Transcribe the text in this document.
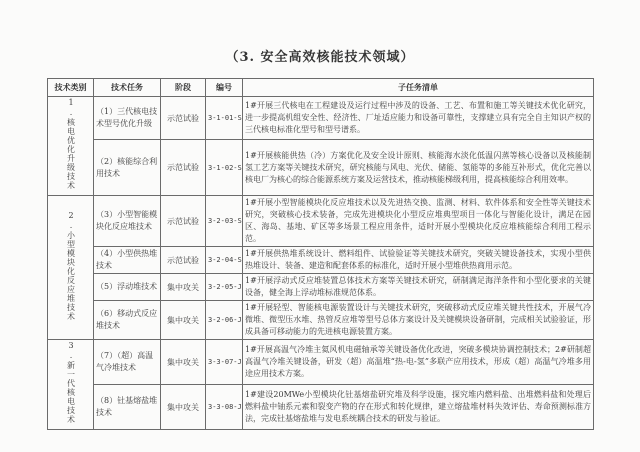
（3. 安全高效核能技术领域）
技术类别	技术任务	阶段	编号	子任务清单
1.核电优化升级技术	（1）三代核电技术型号优化升级	示范试验	3-1-01-S	1#开展三代核电在工程建设及运行过程中涉及的设备、工艺、布置和施工等关键技术优化研究，进一步提高机组安全性、经济性、厂址适应能力和设备可靠性，支撑建立具有完全自主知识产权的三代核电标准化型号和型号谱系。
	（2）核能综合利用技术	示范试验	3-1-02-S	1#开展核能供热（冷）方案优化及安全设计原则、核能海水淡化低温闪蒸等核心设备以及核能制氢工艺方案等关键技术研究，研究核能与风电、光伏、储能、氢能等的多能互补形式，优化完善以核电厂为核心的综合能源系统方案及运营技术，推动核能梯级利用，提高核能综合利用效率。
2.小型模块化反应堆技术	（3）小型智能模块化反应堆技术	示范试验	3-2-03-S	1#开展小型智能模块化反应堆技术以及先进热交换、监测、材料、软件体系和安全性等关键技术研究，突破核心技术装备，完成先进模块化小型反应堆典型项目一体化与智能化设计，满足在园区、海岛、基地、矿区等多场景工程应用条件，适时开展小型模块化反应堆核能综合利用工程示范。
	（4）小型供热堆技术	示范试验	3-2-04-S	1#开展供热堆系统设计、燃料组件、试验验证等关键技术研究，突破关键设备技术，实现小型供热堆设计、装备、建造和配套体系的标准化，适时开展小型堆供热商用示范。
	（5）浮动堆技术	集中攻关	3-2-05-J	1#开展浮动式反应堆装置总体技术方案等关键技术研究，研制满足海洋条件和小型化要求的关键设备，健全海上浮动堆标准规范体系。
	（6）移动式反应堆技术	集中攻关	3-2-06-J	1#开展轻型、智能核电源装置设计与关键技术研究，突破移动式反应堆关键共性技术，开展气冷微堆、微型压水堆、热管反应堆等型号总体方案设计及关键模块设备研制，完成相关试验验证，形成具备可移动能力的先进核电源装置方案。
3.新一代核电技术	（7）（超）高温气冷堆技术	集中攻关	3-3-07-J	1#开展高温气冷堆主氦风机电磁轴承等关键设备优化改进，突破多模块协调控制技术；2#研制超高温气冷堆关键设备，研发（超）高温堆“热-电-氢”多联产应用技术，形成（超）高温气冷堆多用途应用技术方案。
	（8）钍基熔盐堆技术	集中攻关	3-3-08-J	1#建设20MWe小型模块化钍基熔盐研究堆及科学设施，探究堆内燃料盐、出堆燃料盐和处理后燃料盐中铀系元素和裂变产物的存在形式和转化规律，建立熔盐堆材料失效评估、寿命预测标准方法，完成钍基熔盐堆与发电系统耦合技术的研发与验证。
